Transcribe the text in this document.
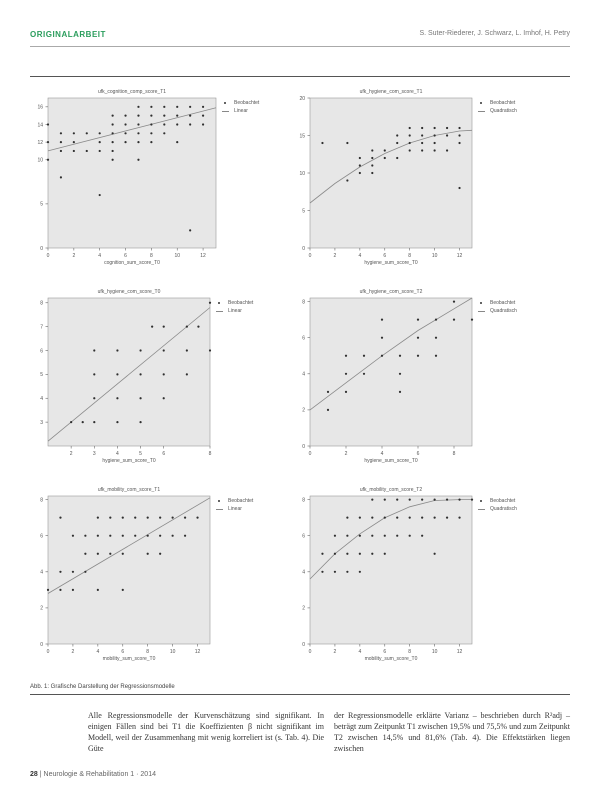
ORIGINALARBEIT	S. Suter-Riederer, J. Schwarz, L. Imhof, H. Petry
ufk_cognition_comp_score_T1
0	2	4	6	8	10	12
0
5
10
12
14
16
cognition_sum_score_T0
Beobachtet
Linear
ufk_hygiene_com_score_T1
0	2	4	6	8	10	12
0
5
10
15
20
hygiene_sum_score_T0
Beobachtet
Quadratisch
ufk_hygiene_com_score_T0
2	3	4	5	6	8
3
4
5
6
7
8
hygiene_sum_score_T0
Beobachtet
Linear
ufk_hygiene_com_score_T2
0	2	4	6	8
0
2
4
6
8
hygiene_sum_score_T0
Beobachtet
Quadratisch
ufk_mobility_com_score_T1
0	2	4	6	8	10	12
0
2
4
6
8
mobility_sum_score_T0
Beobachtet
Linear
ufk_mobility_com_score_T2
0	2	4	6	8	10	12
0
2
4
6
8
mobility_sum_score_T0
Beobachtet
Quadratisch
Abb. 1: Grafische Darstellung der Regressionsmodelle

Alle Regressionsmodelle der Kurvenschätzung sind signifikant. In einigen Fällen sind bei T1 die Koeffizienten β nicht signifikant im Modell, weil der Zusammenhang mit wenig korreliert ist (s. Tab. 4). Die Güte

der Regressionsmodelle erklärte Varianz – beschrieben durch R²adj – beträgt zum Zeitpunkt T1 zwischen 19,5% und 75,5% und zum Zeitpunkt T2 zwischen 14,5% und 81,6% (Tab. 4). Die Effektstärken liegen zwischen

28 | Neurologie & Rehabilitation 1 · 2014
